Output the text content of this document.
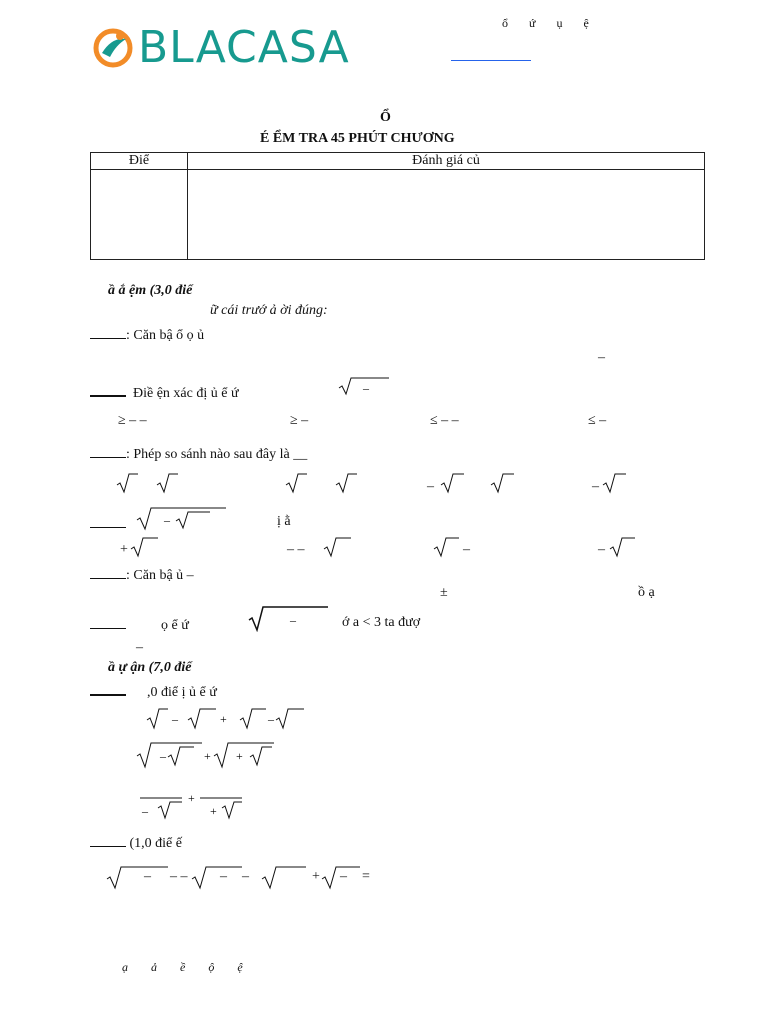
BLACASA	ổ ứ ụ ệ
Ổ
É ỂM TRA 45 PHÚT CHƯƠNG
Điể	Đánh giá củ

ầ ắ ệm (3,0 điể
ữ cái trướ ả ời đúng:
: Căn bậ ổ ọ ủ
–
Điề ện xác đị ủ ể ứ	–
≥ – –	≥ –	≤ – –	≤ –
: Phép so sánh nào sau đây là __
–	–
–	ị ằ
+	– –	–	–
: Căn bậ ủ –
±	ồ ạ
ọ ể ứ	–	ớ a < 3 ta đượ
–
ầ ự ận (7,0 điể
,0 điể ị ủ ể ứ
–	+	–
–	+ +
–
+
+
(1,0 điể ế
– – – – –	+ – =
ạ ả ề ộ ệ
